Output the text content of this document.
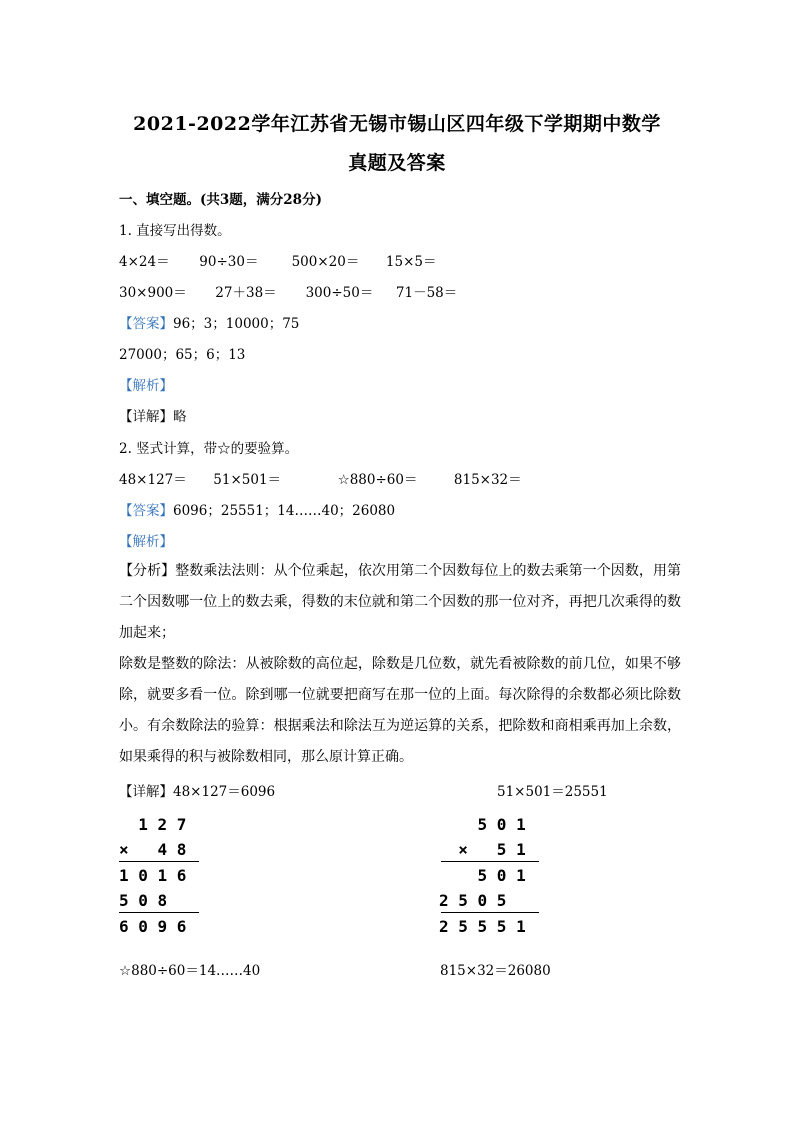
2021-2022学年江苏省无锡市锡山区四年级下学期期中数学
真题及答案
一、填空题。(共3题，满分28分)
1. 直接写出得数。
4×24＝ 90÷30＝ 500×20＝ 15×5＝
30×900＝ 27＋38＝ 300÷50＝ 71－58＝
【答案】96；3；10000；75
27000；65；6；13
【解析】
【详解】略
2. 竖式计算，带☆的要验算。
48×127＝ 51×501＝	☆880÷60＝	815×32＝
【答案】6096；25551；14……40；26080
【解析】
【分析】整数乘法法则：从个位乘起，依次用第二个因数每位上的数去乘第一个因数，用第二个因数哪一位上的数去乘，得数的末位就和第二个因数的那一位对齐，再把几次乘得的数加起来；
除数是整数的除法：从被除数的高位起，除数是几位数，就先看被除数的前几位，如果不够除，就要多看一位。除到哪一位就要把商写在那一位的上面。每次除得的余数都必须比除数小。有余数除法的验算：根据乘法和除法互为逆运算的关系，把除数和商相乘再加上余数，如果乘得的积与被除数相同，那么原计算正确。
【详解】48×127＝6096	51×501＝25551
1 2 7
×   4 8
1 0 1 6
5 0 8
6 0 9 6
5 0 1
×   5 1
5 0 1
2 5 0 5
2 5 5 5 1
☆880÷60＝14……40	815×32＝26080
